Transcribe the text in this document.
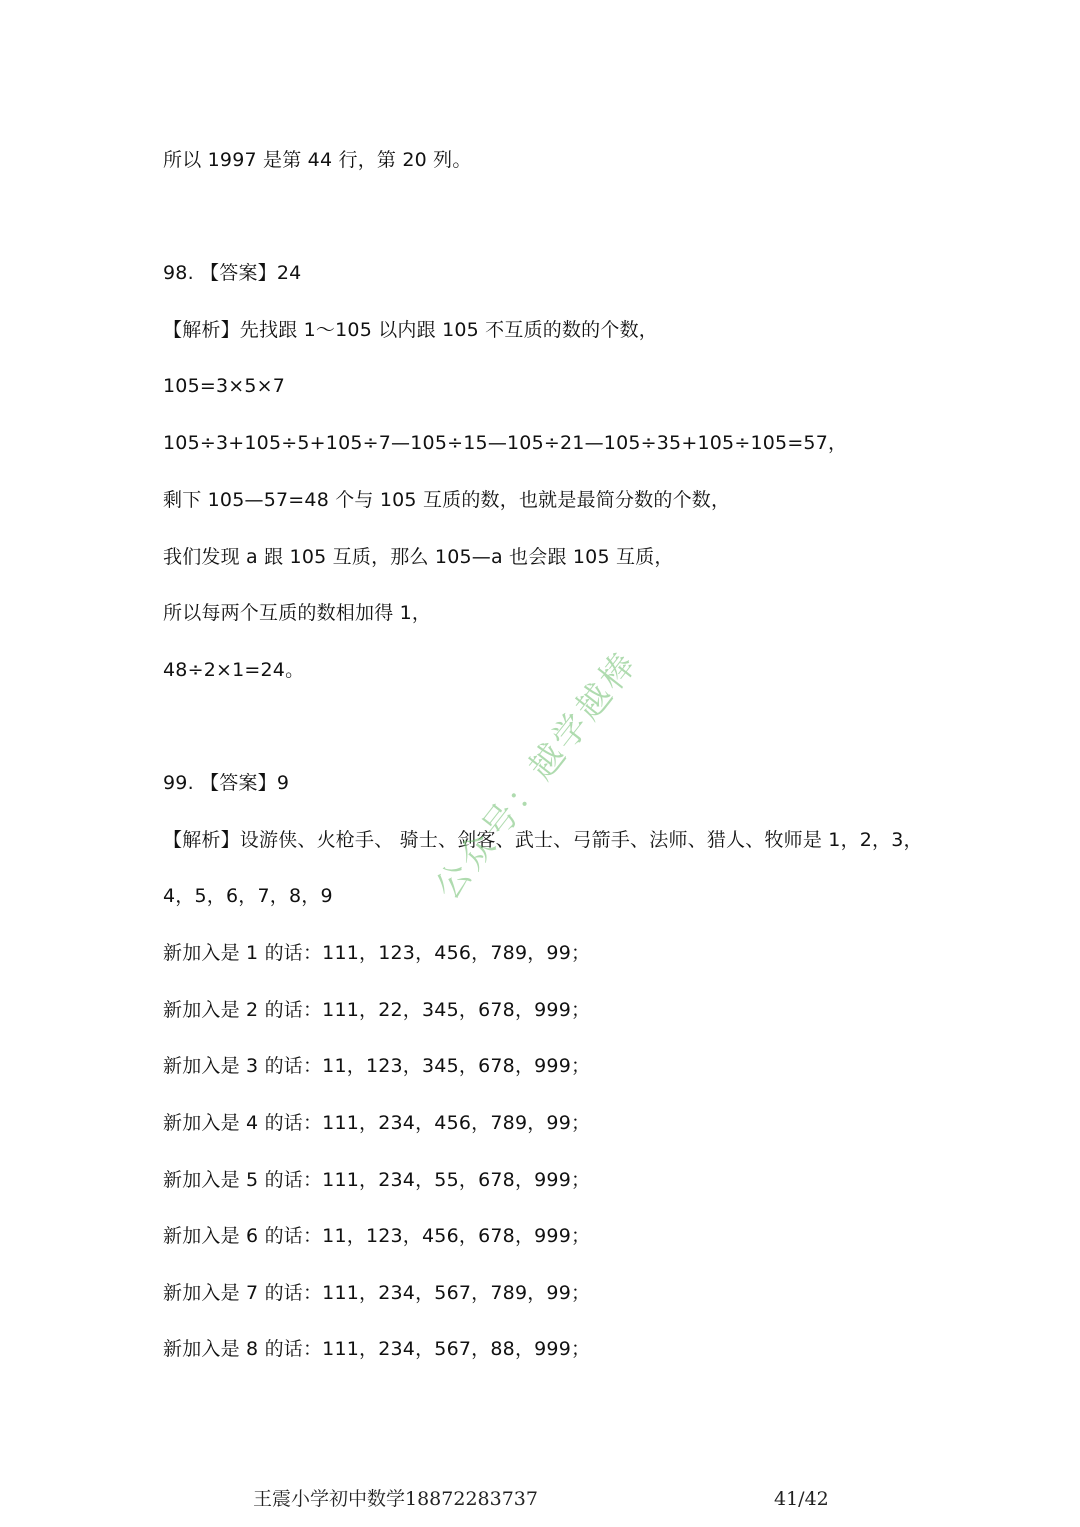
所以 1997 是第 44 行，第 20 列。
98. 【答案】24
【解析】先找跟 1～105 以内跟 105 不互质的数的个数，
105=3×5×7
105÷3+105÷5+105÷7—105÷15—105÷21—105÷35+105÷105=57，
剩下 105—57=48 个与 105 互质的数，也就是最简分数的个数，
我们发现 a 跟 105 互质，那么 105—a 也会跟 105 互质，
所以每两个互质的数相加得 1，
48÷2×1=24。
99. 【答案】9
【解析】设游侠、火枪手、 骑士、剑客、武士、弓箭手、法师、猎人、牧师是 1，2，3，
4，5，6，7，8，9
新加入是 1 的话：111，123，456，789，99；
新加入是 2 的话：111，22，345，678，999；
新加入是 3 的话：11，123，345，678，999；
新加入是 4 的话：111，234，456，789，99；
新加入是 5 的话：111，234，55，678，999；
新加入是 6 的话：11，123，456，678，999；
新加入是 7 的话：111，234，567，789，99；
新加入是 8 的话：111，234，567，88，999；
公众号：越学越棒
王震小学初中数学18872283737	41/42
